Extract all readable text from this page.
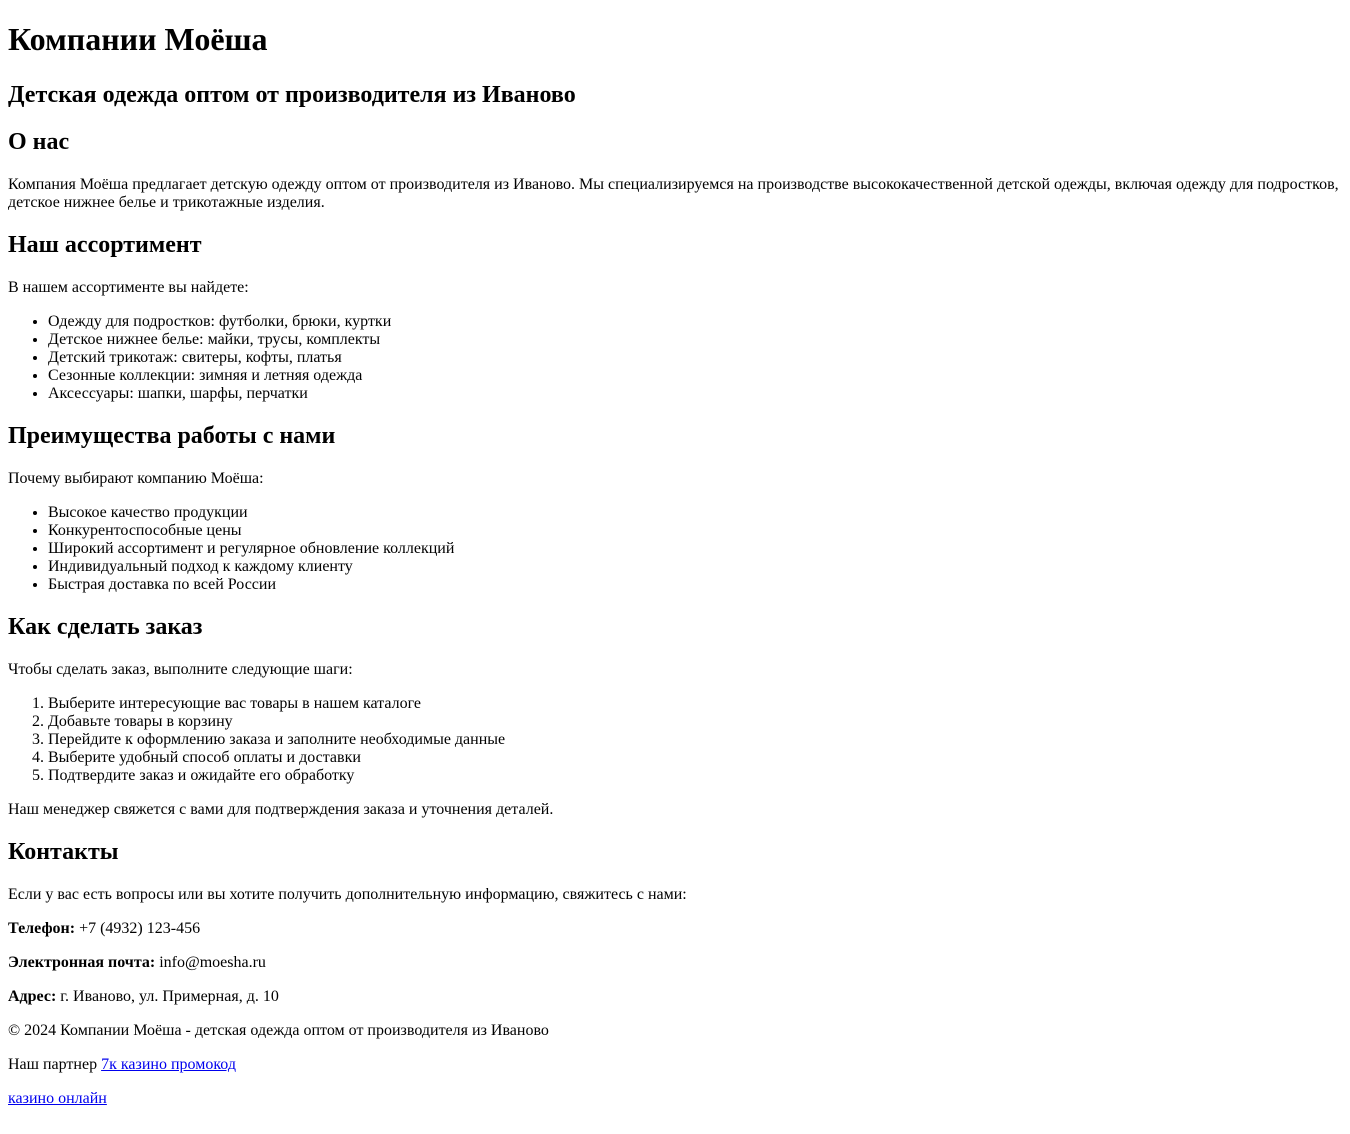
Компании Моёша
Детская одежда оптом от производителя из Иваново
О нас

Компания Моёша предлагает детскую одежду оптом от производителя из Иваново. Мы специализируемся на производстве высококачественной детской одежды, включая одежду для подростков, детское нижнее белье и трикотажные изделия.

Наш ассортимент

В нашем ассортименте вы найдете:

• Одежду для подростков: футболки, брюки, куртки
• Детское нижнее белье: майки, трусы, комплекты
• Детский трикотаж: свитеры, кофты, платья
• Сезонные коллекции: зимняя и летняя одежда
• Аксессуары: шапки, шарфы, перчатки
Преимущества работы с нами

Почему выбирают компанию Моёша:

• Высокое качество продукции
• Конкурентоспособные цены
• Широкий ассортимент и регулярное обновление коллекций
• Индивидуальный подход к каждому клиенту
• Быстрая доставка по всей России
Как сделать заказ

Чтобы сделать заказ, выполните следующие шаги:

1. Выберите интересующие вас товары в нашем каталоге
2. Добавьте товары в корзину
3. Перейдите к оформлению заказа и заполните необходимые данные
4. Выберите удобный способ оплаты и доставки
5. Подтвердите заказ и ожидайте его обработку

Наш менеджер свяжется с вами для подтверждения заказа и уточнения деталей.

Контакты

Если у вас есть вопросы или вы хотите получить дополнительную информацию, свяжитесь с нами:

Телефон: +7 (4932) 123-456

Электронная почта: info@moesha.ru

Адрес: г. Иваново, ул. Примерная, д. 10

© 2024 Компании Моёша - детская одежда оптом от производителя из Иваново

Наш партнер 7к казино промокод

казино онлайн
